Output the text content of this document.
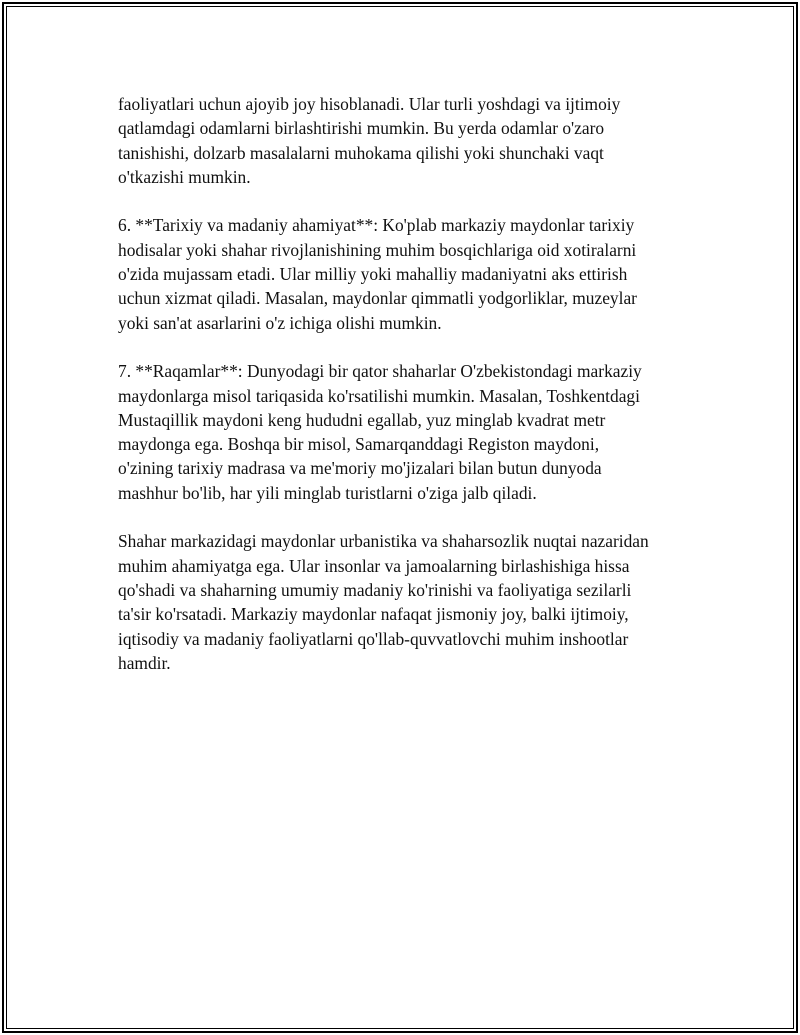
faoliyatlari uchun ajoyib joy hisoblanadi. Ular turli yoshdagi va ijtimoiy
qatlamdagi odamlarni birlashtirishi mumkin. Bu yerda odamlar o'zaro
tanishishi, dolzarb masalalarni muhokama qilishi yoki shunchaki vaqt
o'tkazishi mumkin.

6. **Tarixiy va madaniy ahamiyat**: Ko'plab markaziy maydonlar tarixiy
hodisalar yoki shahar rivojlanishining muhim bosqichlariga oid xotiralarni
o'zida mujassam etadi. Ular milliy yoki mahalliy madaniyatni aks ettirish
uchun xizmat qiladi. Masalan, maydonlar qimmatli yodgorliklar, muzeylar
yoki san'at asarlarini o'z ichiga olishi mumkin.

7. **Raqamlar**: Dunyodagi bir qator shaharlar O'zbekistondagi markaziy
maydonlarga misol tariqasida ko'rsatilishi mumkin. Masalan, Toshkentdagi
Mustaqillik maydoni keng hududni egallab, yuz minglab kvadrat metr
maydonga ega. Boshqa bir misol, Samarqanddagi Registon maydoni,
o'zining tarixiy madrasa va me'moriy mo'jizalari bilan butun dunyoda
mashhur bo'lib, har yili minglab turistlarni o'ziga jalb qiladi.

Shahar markazidagi maydonlar urbanistika va shaharsozlik nuqtai nazaridan
muhim ahamiyatga ega. Ular insonlar va jamoalarning birlashishiga hissa
qo'shadi va shaharning umumiy madaniy ko'rinishi va faoliyatiga sezilarli
ta'sir ko'rsatadi. Markaziy maydonlar nafaqat jismoniy joy, balki ijtimoiy,
iqtisodiy va madaniy faoliyatlarni qo'llab-quvvatlovchi muhim inshootlar
hamdir.
